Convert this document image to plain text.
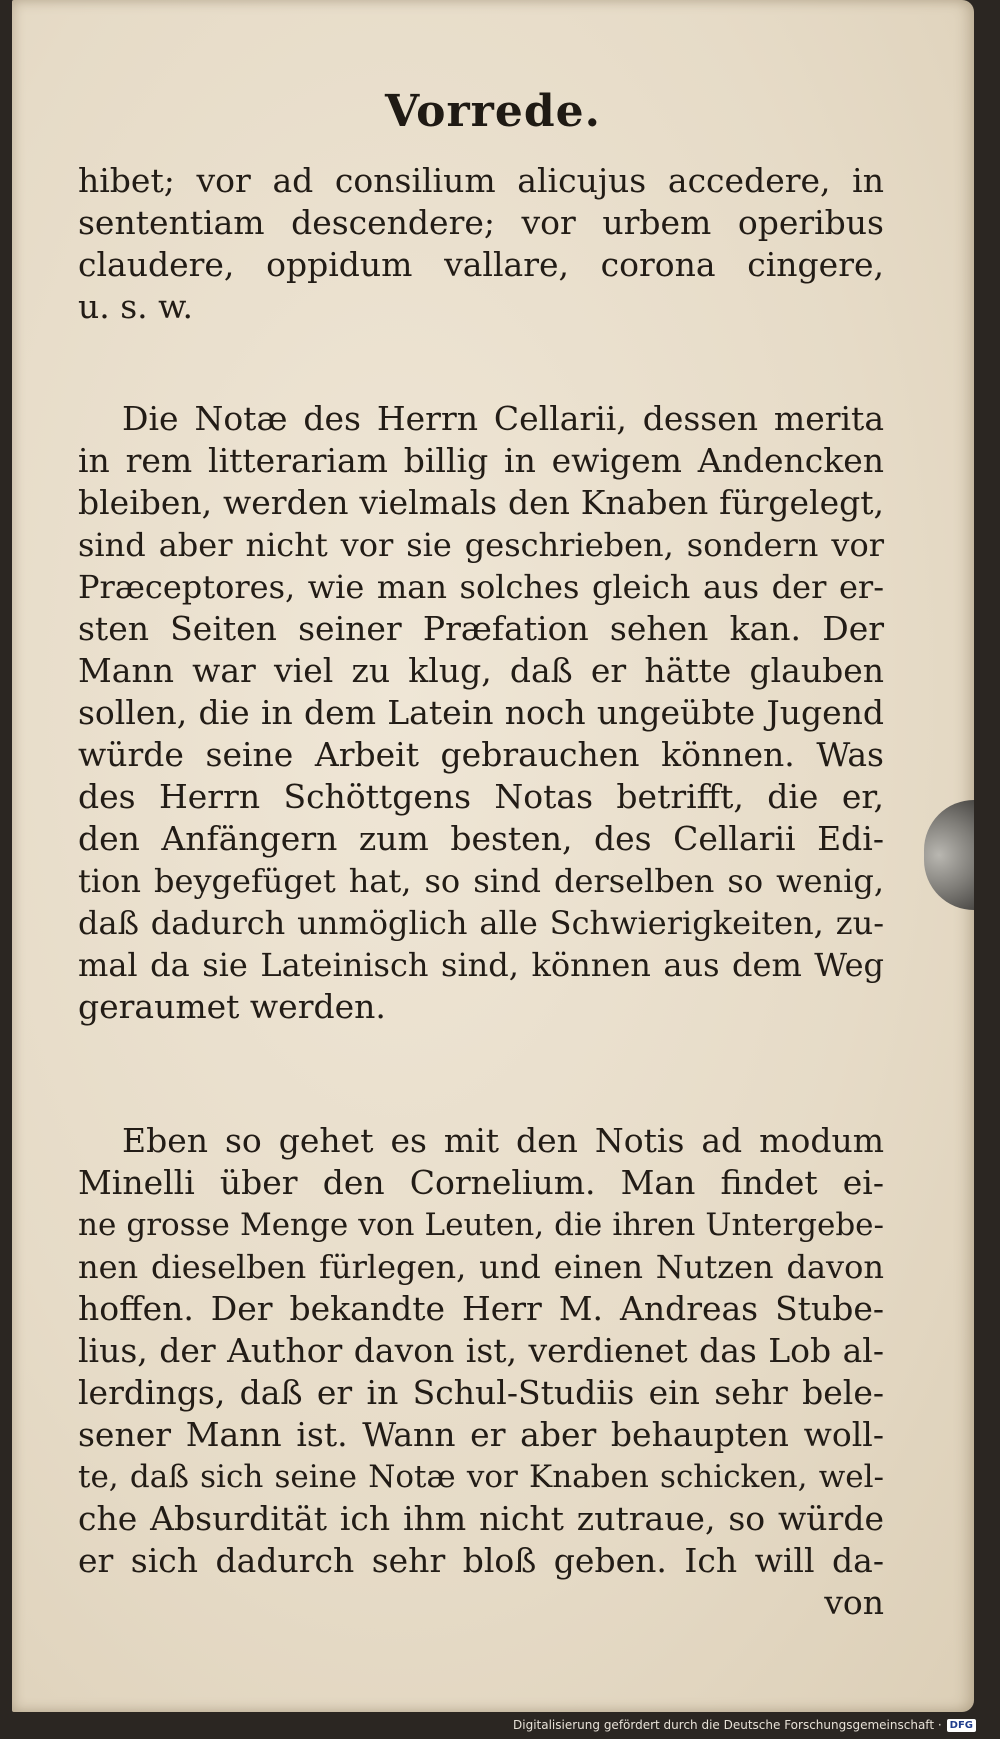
Vorrede.
hibet; vor ad consilium alicujus accedere, in
sententiam descendere; vor urbem operibus
claudere, oppidum vallare, corona cingere,
u. s. w.
Die Notæ des Herrn Cellarii, dessen merita
in rem litterariam billig in ewigem Andencken
bleiben, werden vielmals den Knaben fürgelegt,
sind aber nicht vor sie geschrieben, sondern vor
Præceptores, wie man solches gleich aus der er-
sten Seiten seiner Præfation sehen kan. Der
Mann war viel zu klug, daß er hätte glauben
sollen, die in dem Latein noch ungeübte Jugend
würde seine Arbeit gebrauchen können. Was
des Herrn Schöttgens Notas betrifft, die er,
den Anfängern zum besten, des Cellarii Edi-
tion beygefüget hat, so sind derselben so wenig,
daß dadurch unmöglich alle Schwierigkeiten, zu-
mal da sie Lateinisch sind, können aus dem Weg
geraumet werden.
Eben so gehet es mit den Notis ad modum
Minelli über den Cornelium. Man findet ei-
ne grosse Menge von Leuten, die ihren Untergebe-
nen dieselben fürlegen, und einen Nutzen davon
hoffen. Der bekandte Herr M. Andreas Stube-
lius, der Author davon ist, verdienet das Lob al-
lerdings, daß er in Schul-Studiis ein sehr bele-
sener Mann ist. Wann er aber behaupten woll-
te, daß sich seine Notæ vor Knaben schicken, wel-
che Absurdität ich ihm nicht zutraue, so würde
er sich dadurch sehr bloß geben. Ich will da-
von
Digitalisierung gefördert durch die Deutsche Forschungsgemeinschaft · DFG
